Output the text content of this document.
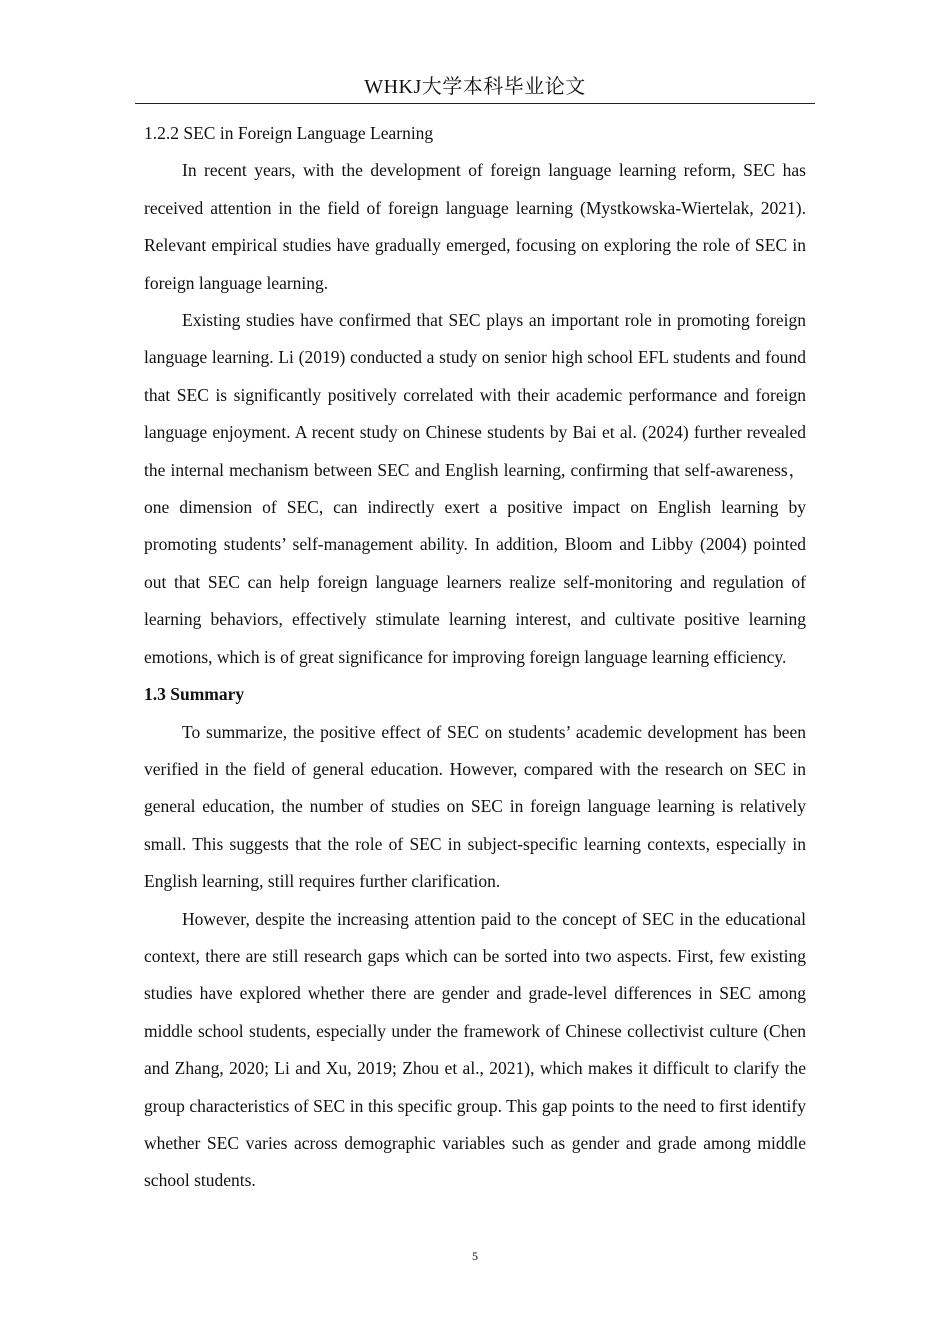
WHKJ大学本科毕业论文

1.2.2 SEC in Foreign Language Learning

In recent years, with the development of foreign language learning reform, SEC has received attention in the field of foreign language learning (Mystkowska-Wiertelak, 2021). Relevant empirical studies have gradually emerged, focusing on exploring the role of SEC in foreign language learning.

Existing studies have confirmed that SEC plays an important role in promoting foreign language learning. Li (2019) conducted a study on senior high school EFL students and found that SEC is significantly positively correlated with their academic performance and foreign language enjoyment. A recent study on Chinese students by Bai et al. (2024) further revealed the internal mechanism between SEC and English learning, confirming that self-awareness，one dimension of SEC, can indirectly exert a positive impact on English learning by promoting students’ self-management ability. In addition, Bloom and Libby (2004) pointed out that SEC can help foreign language learners realize self-monitoring and regulation of learning behaviors, effectively stimulate learning interest, and cultivate positive learning emotions, which is of great significance for improving foreign language learning efficiency.

1.3 Summary

To summarize, the positive effect of SEC on students’ academic development has been verified in the field of general education. However, compared with the research on SEC in general education, the number of studies on SEC in foreign language learning is relatively small. This suggests that the role of SEC in subject-specific learning contexts, especially in English learning, still requires further clarification.

However, despite the increasing attention paid to the concept of SEC in the educational context, there are still research gaps which can be sorted into two aspects. First, few existing studies have explored whether there are gender and grade-level differences in SEC among middle school students, especially under the framework of Chinese collectivist culture (Chen and Zhang, 2020; Li and Xu, 2019; Zhou et al., 2021), which makes it difficult to clarify the group characteristics of SEC in this specific group. This gap points to the need to first identify whether SEC varies across demographic variables such as gender and grade among middle school students.

5
